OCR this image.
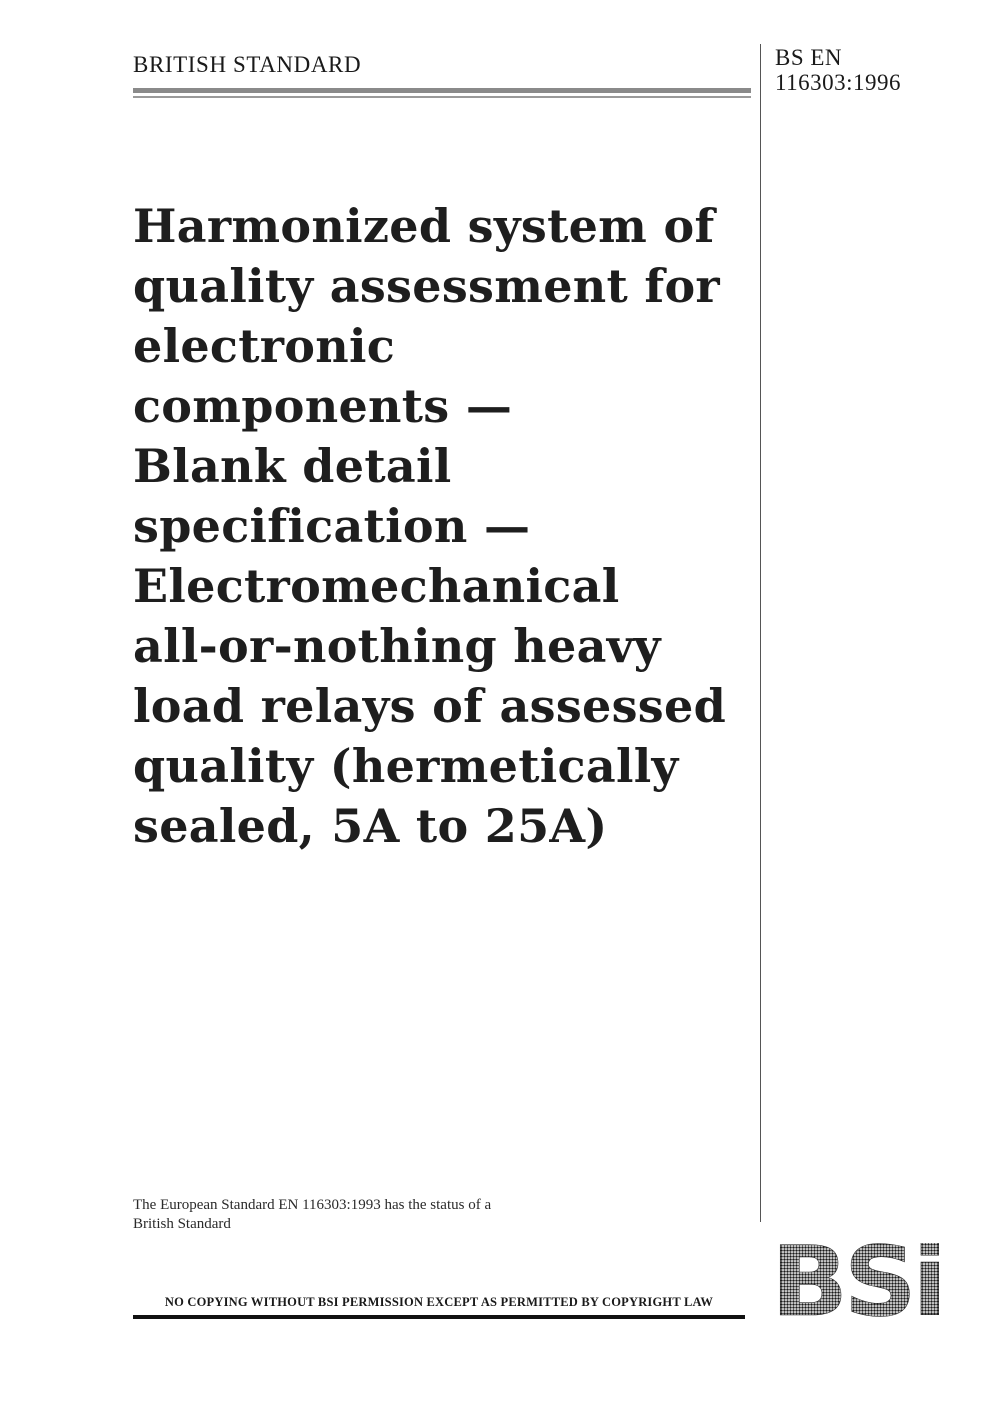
BRITISH STANDARD	BS EN
116303:1996
Harmonized system of
quality assessment for
electronic
components —
Blank detail
specification —
Electromechanical
all-or-nothing heavy
load relays of assessed
quality (hermetically
sealed, 5A to 25A)
The European Standard EN 116303:1993 has the status of a
British Standard
NO COPYING WITHOUT BSI PERMISSION EXCEPT AS PERMITTED BY COPYRIGHT LAW BSi
